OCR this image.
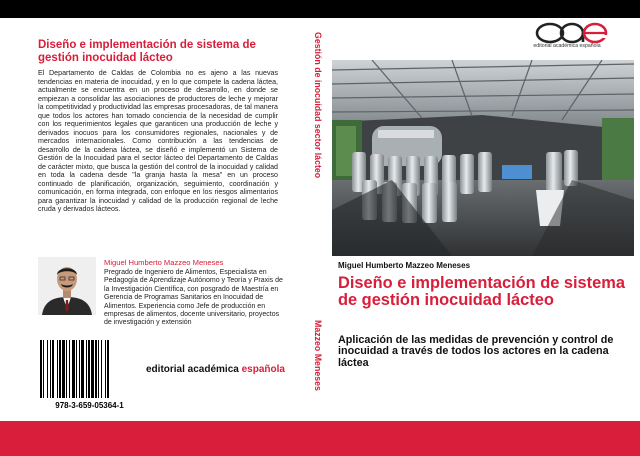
Diseño e implementación de sistema de gestión inocuidad lácteo
El Departamento de Caldas de Colombia no es ajeno a las nuevas tendencias en materia de inocuidad, y en lo que compete la cadena láctea, actualmente se encuentra en un proceso de desarrollo, en donde se empiezan a consolidar las asociaciones de productores de leche y mejorar la competitividad y productividad las empresas procesadoras, de tal manera que todos los actores han tomado conciencia de la necesidad de cumplir con los requerimientos legales que garanticen una producción de leche y derivados inocuos para los consumidores regionales, nacionales y de mercados internacionales. Como contribución a las tendencias de desarrollo de la cadena láctea, se diseñó e implementó un Sistema de Gestión de la Inocuidad para el sector lácteo del Departamento de Caldas de carácter mixto, que busca la gestión del control de la inocuidad y calidad en toda la cadena desde "la granja hasta la mesa" en un proceso continuado de planificación, organización, seguimiento, coordinación y comunicación, en forma integrada, con enfoque en los riesgos alimentarios para garantizar la inocuidad y calidad de la producción regional de leche cruda y derivados lácteos.
Miguel Humberto Mazzeo Meneses
Pregrado de Ingeniero de Alimentos, Especialista en Pedagogía de Aprendizaje Autónomo y Teoría y Praxis de la Investigación Científica, con posgrado de Maestría en Gerencia de Programas Sanitarios en Inocuidad de Alimentos. Experiencia como Jefe de producción en empresas de alimentos, docente universitario, proyectos de investigación y extensión
978-3-659-05364-1
editorial académica española
Gestión de inocuidad sector lácteo
Mazzeo Meneses
editorial académica española
Miguel Humberto Mazzeo Meneses
Diseño e implementación de sistema de gestión inocuidad lácteo
Aplicación de las medidas de prevención y control de inocuidad a través de todos los actores en la cadena láctea
